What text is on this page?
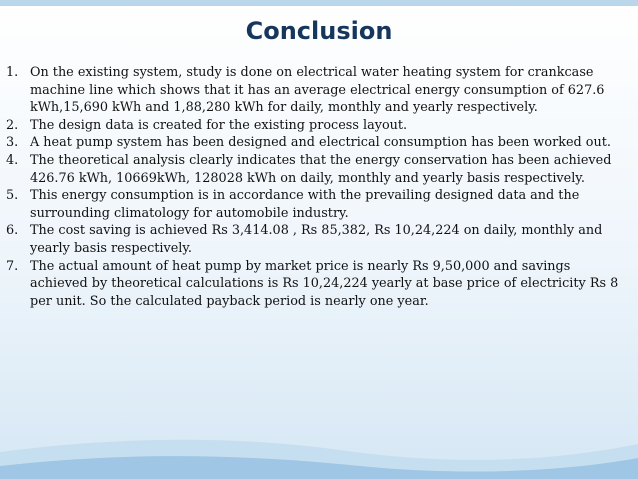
Conclusion
1. On the existing system, study is done on electrical water heating system for crankcase machine line which shows that it has an average electrical energy consumption of 627.6 kWh,15,690 kWh and 1,88,280 kWh for daily, monthly and yearly respectively.
2. The design data is created for the existing process layout.
3. A heat pump system has been designed and electrical consumption has been worked out.
4. The theoretical analysis clearly indicates that the energy conservation has been achieved 426.76 kWh, 10669kWh, 128028 kWh on daily, monthly and yearly basis respectively.
5. This energy consumption is in accordance with the prevailing designed data and the surrounding climatology for automobile industry.
6. The cost saving is achieved Rs 3,414.08 , Rs 85,382, Rs 10,24,224 on daily, monthly and yearly basis respectively.
7. The actual amount of heat pump by market price is nearly Rs 9,50,000 and savings achieved by theoretical calculations is Rs 10,24,224 yearly at base price of electricity Rs 8 per unit. So the calculated payback period is nearly one year.
